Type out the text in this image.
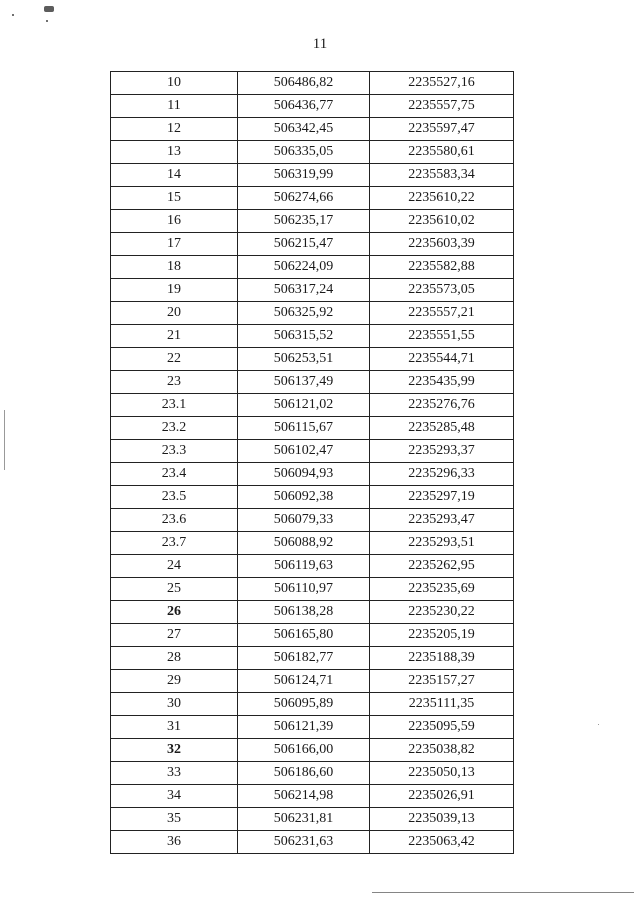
11
10	506486,82	2235527,16
11	506436,77	2235557,75
12	506342,45	2235597,47
13	506335,05	2235580,61
14	506319,99	2235583,34
15	506274,66	2235610,22
16	506235,17	2235610,02
17	506215,47	2235603,39
18	506224,09	2235582,88
19	506317,24	2235573,05
20	506325,92	2235557,21
21	506315,52	2235551,55
22	506253,51	2235544,71
23	506137,49	2235435,99
23.1	506121,02	2235276,76
23.2	506115,67	2235285,48
23.3	506102,47	2235293,37
23.4	506094,93	2235296,33
23.5	506092,38	2235297,19
23.6	506079,33	2235293,47
23.7	506088,92	2235293,51
24	506119,63	2235262,95
25	506110,97	2235235,69
26	506138,28	2235230,22
27	506165,80	2235205,19
28	506182,77	2235188,39
29	506124,71	2235157,27
30	506095,89	2235111,35
31	506121,39	2235095,59
32	506166,00	2235038,82
33	506186,60	2235050,13
34	506214,98	2235026,91
35	506231,81	2235039,13
36	506231,63	2235063,42
